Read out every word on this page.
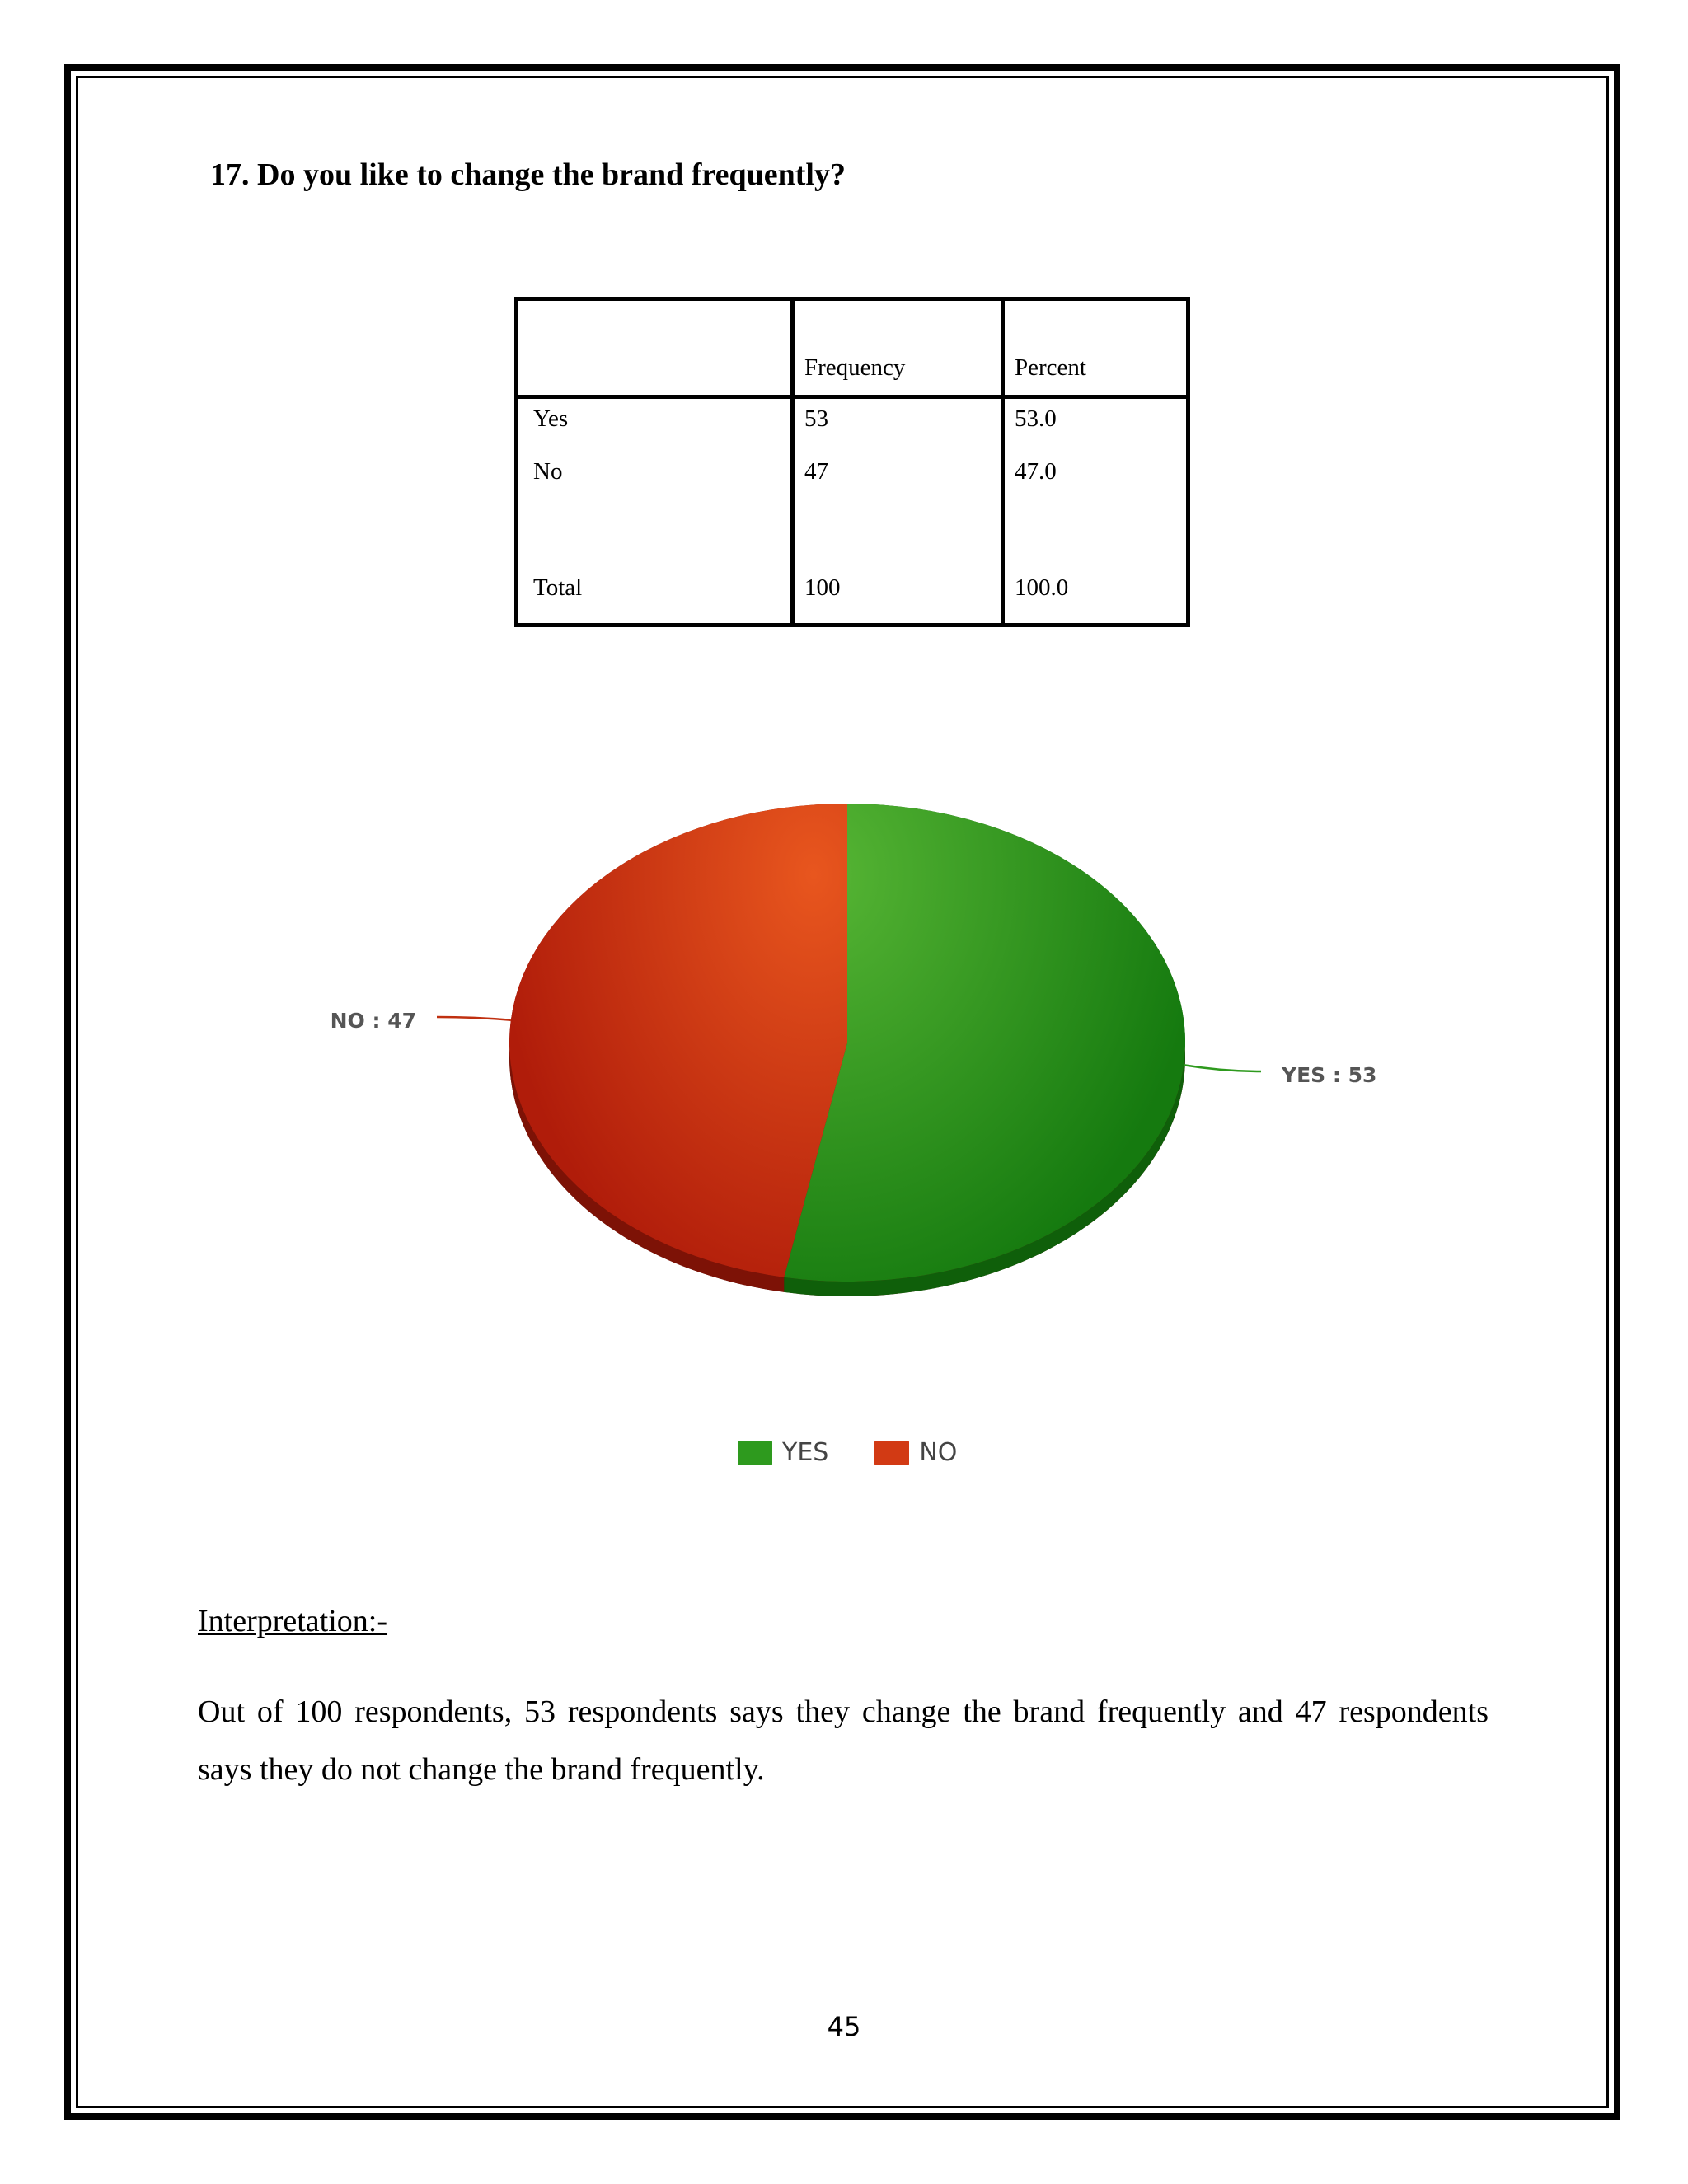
17. Do you like to change the brand frequently?
	Frequency	Percent
Yes	53	53.0
No	47	47.0

Total	100	100.0
YES : 53
NO : 47
YES	NO
Interpretation:-
Out of 100 respondents, 53 respondents says they change the brand frequently and 47 respondents says they do not change the brand frequently.
45
